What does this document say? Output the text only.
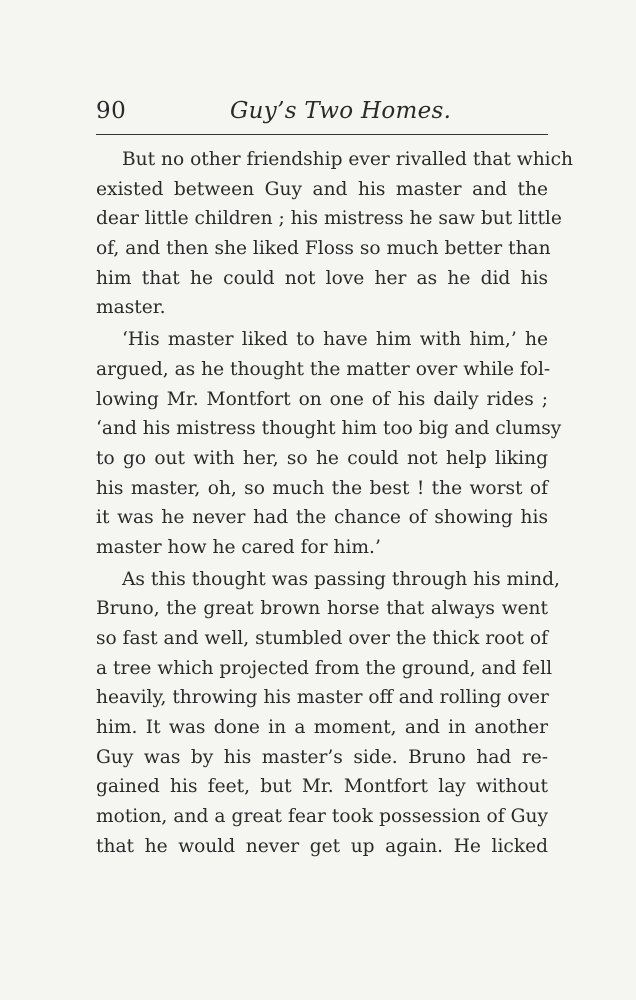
90	Guy’s Two Homes.
But no other friendship ever rivalled that which
existed between Guy and his master and the
dear little children ; his mistress he saw but little
of, and then she liked Floss so much better than
him that he could not love her as he did his
master.
‘His master liked to have him with him,’ he
argued, as he thought the matter over while fol-
lowing Mr. Montfort on one of his daily rides ;
‘and his mistress thought him too big and clumsy
to go out with her, so he could not help liking
his master, oh, so much the best ! the worst of
it was he never had the chance of showing his
master how he cared for him.’
As this thought was passing through his mind,
Bruno, the great brown horse that always went
so fast and well, stumbled over the thick root of
a tree which projected from the ground, and fell
heavily, throwing his master off and rolling over
him. It was done in a moment, and in another
Guy was by his master’s side. Bruno had re-
gained his feet, but Mr. Montfort lay without
motion, and a great fear took possession of Guy
that he would never get up again. He licked
